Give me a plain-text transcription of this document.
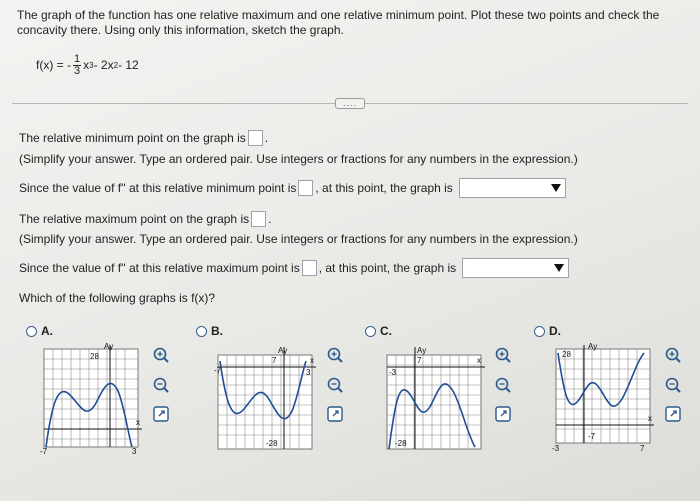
The graph of the function has one relative maximum and one relative minimum point. Plot these two points and check the concavity there. Using only this information, sketch the graph.
f(x) = - $\frac{1}{3}$ x 3 - 2x 2 - 12
....
The relative minimum point on the graph is .
(Simplify your answer. Type an ordered pair. Use integers or fractions for any numbers in the expression.)
Since the value of f'' at this relative minimum point is , at this point, the graph is
The relative maximum point on the graph is .
(Simplify your answer. Type an ordered pair. Use integers or fractions for any numbers in the expression.)
Since the value of f'' at this relative maximum point is , at this point, the graph is
Which of the following graphs is f(x)?
A.	B.	C.	D.
Ay
x
28
-7	3
Ay
x
7
-7	3
-28
Ay
x
7
-3
-28
Ay
x
28
-3	7
-7
